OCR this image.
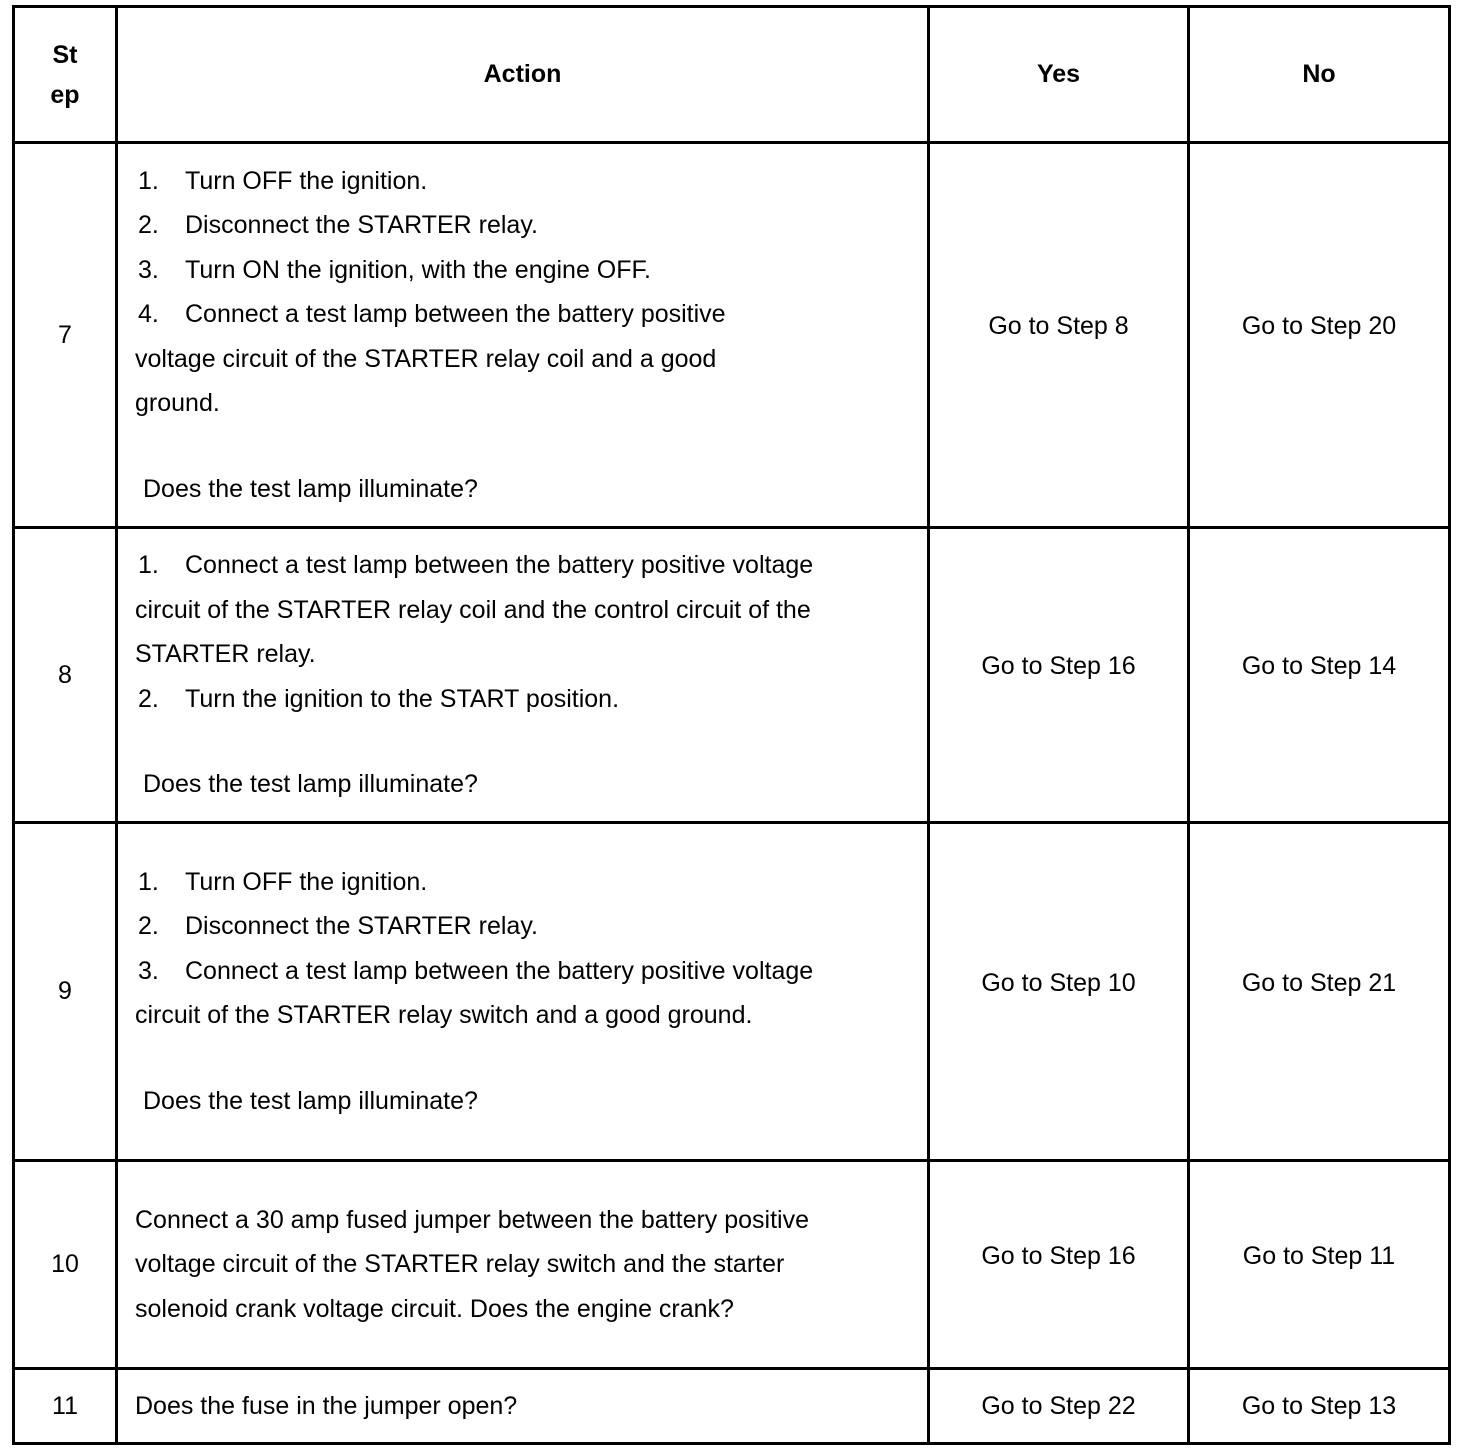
St
ep	Action	Yes	No
7	1. Turn OFF the ignition.
2. Disconnect the STARTER relay.
3. Turn ON the ignition, with the engine OFF.
4. Connect a test lamp between the battery positive voltage circuit of the STARTER relay coil and a good ground.
Does the test lamp illuminate?	Go to Step 8	Go to Step 20

8	1. Connect a test lamp between the battery positive voltage circuit of the STARTER relay coil and the control circuit of the STARTER relay.
2. Turn the ignition to the START position.
Does the test lamp illuminate?	Go to Step 16	Go to Step 14

9	1. Turn OFF the ignition.
2. Disconnect the STARTER relay.
3. Connect a test lamp between the battery positive voltage circuit of the STARTER relay switch and a good ground.
Does the test lamp illuminate?	Go to Step 10	Go to Step 21

10	Connect a 30 amp fused jumper between the battery positive voltage circuit of the STARTER relay switch and the starter solenoid crank voltage circuit. Does the engine crank?	Go to Step 16	Go to Step 11

11	Does the fuse in the jumper open?	Go to Step 22	Go to Step 13
